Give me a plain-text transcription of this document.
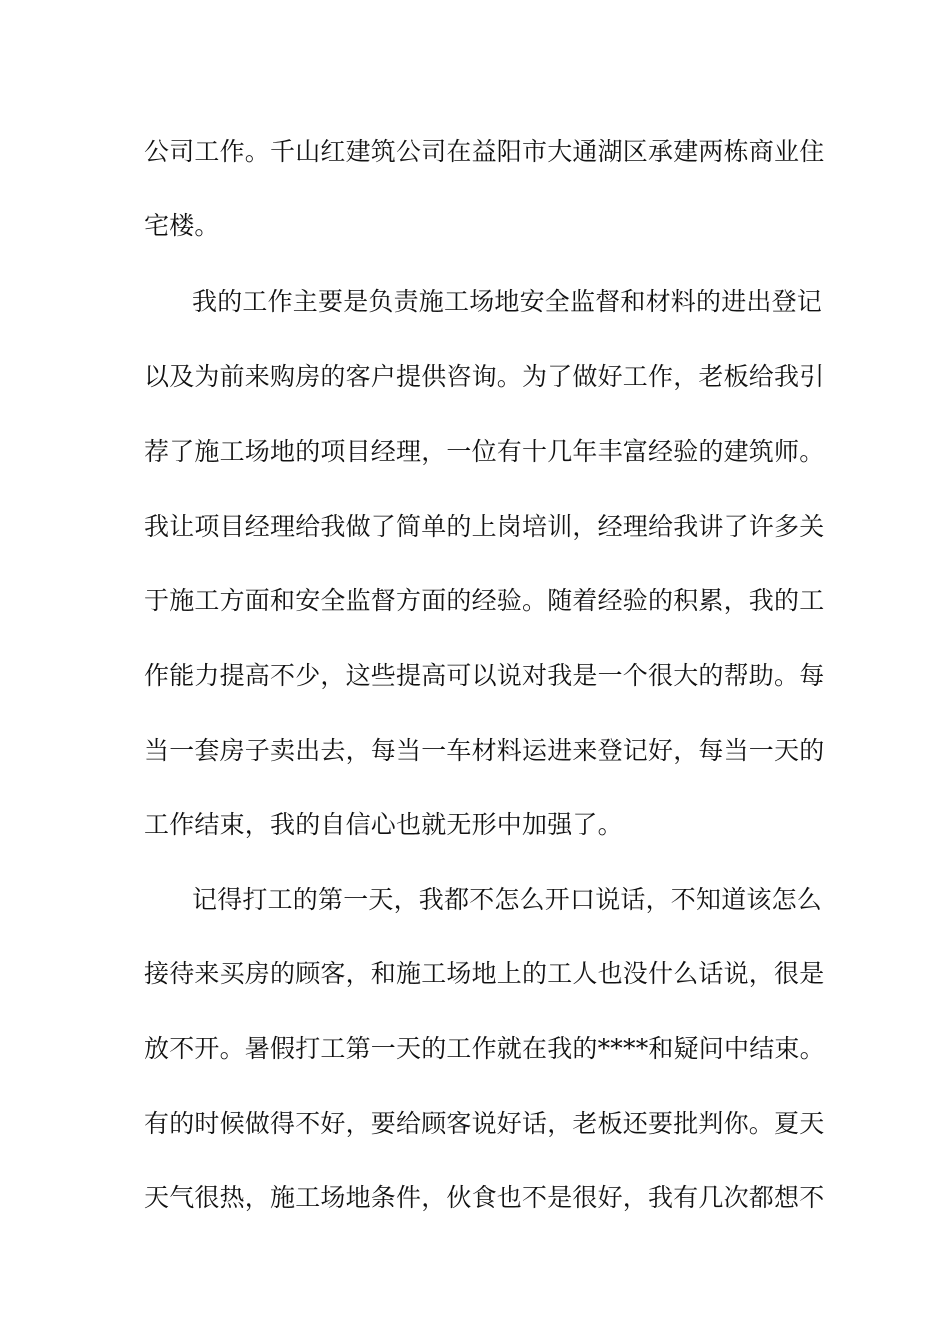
公司工作。千山红建筑公司在益阳市大通湖区承建两栋商业住
宅楼。
我的工作主要是负责施工场地安全监督和材料的进出登记
以及为前来购房的客户提供咨询。为了做好工作，老板给我引
荐了施工场地的项目经理，一位有十几年丰富经验的建筑师。
我让项目经理给我做了简单的上岗培训，经理给我讲了许多关
于施工方面和安全监督方面的经验。随着经验的积累，我的工
作能力提高不少，这些提高可以说对我是一个很大的帮助。每
当一套房子卖出去，每当一车材料运进来登记好，每当一天的
工作结束，我的自信心也就无形中加强了。
记得打工的第一天，我都不怎么开口说话，不知道该怎么
接待来买房的顾客，和施工场地上的工人也没什么话说，很是
放不开。暑假打工第一天的工作就在我的****和疑问中结束。
有的时候做得不好，要给顾客说好话，老板还要批判你。夏天
天气很热，施工场地条件，伙食也不是很好，我有几次都想不
